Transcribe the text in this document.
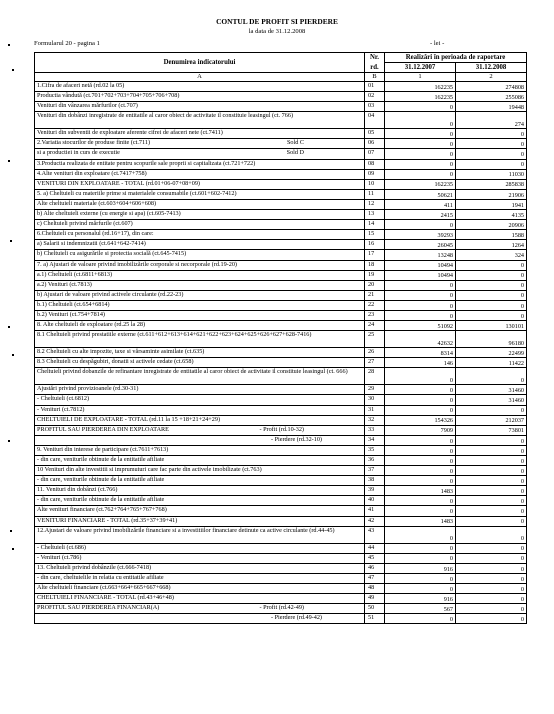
CONTUL DE PROFIT SI PIERDERE
la data de 31.12.2008
Formularul 20 - pagina 1	- lei -
Denumirea indicatorului	Nr.	Realizări în perioada de raportare	
	rd.	31.12.2007	31.12.2008
A	B	1	2
1.Cifra de afaceri netă (rd.02 la 05)	01	162235	274808
Productia vândută (ct.701+702+703+704+705+706+708)	02	162235	255086
Venituri din vânzarea mărfurilor (ct.707)	03	0	19448
Venituri din dobânzi inregistrate de entitatile al caror obiect de activitate il constituie leasingul (ct. 766)	04	0	274
Venituri din subventii de exploatare aferente cifrei de afaceri nete (ct.7411)	05	0	0
2.Variatia stocurilor de produse finite (ct.711) Sold C	06	0	0
si a productiei in curs de executie Sold D	07	0	0
3.Productia realizata de entitate pentru scopurile sale proprii si capitalizata (ct.721+722)	08	0	0
4.Alte venituri din exploatare (ct.7417+758)	09	0	11030
VENITURI DIN EXPLOATARE - TOTAL (rd.01+06-07+08+09)	10	162235	285838
5. a) Cheltuieli cu materiile prime si materialele consumabile (ct.601+602-7412)	11	50621	21906
Alte cheltuieli materiale (ct.603+604+606+608)	12	411	1941
b) Alte cheltuieli externe (cu energie si apa) (ct.605-7413)	13	2415	4135
c) Cheltuieli privind mărfurile (ct.607)	14	0	20906
6.Cheltuieli cu personalul (rd.16+17), din care:	15	39293	1588
a) Salarii si indemnizatii (ct.641+642-7414)	16	26045	1264
b) Cheltuieli cu asigurările si protectia socială (ct.645-7415)	17	13248	324
7. a) Ajustari de valoare privind imobilizările corporale si necorporale (rd.19-20)	18	10494	0
a.1) Cheltuieli (ct.6811+6813)	19	10494	0
a.2) Venituri (ct.7813)	20	0	0
b) Ajustari de valoare privind activele circulante (rd.22-23)	21	0	0
b.1) Cheltuieli (ct.654+6814)	22	0	0
b.2) Venituri (ct.754+7814)	23	0	0
8. Alte cheltuieli de exploatare (rd.25 la 28)	24	51092	130101
8.1 Cheltuieli privind prestatiile externe (ct.611+612+613+614+621+622+623+624+625+626+627+628-7416)	25	42632	96180
8.2 Cheltuieli cu alte impozite, taxe si vărsaminte asimilate (ct.635)	26	8314	22499
8.3 Cheltuieli cu despăgubiri, donatii si activele cedate (ct.658)	27	146	11422
Cheltuieli privind dobanzile de refinantare inregistrate de entitatile al caror obiect de activitate il constituie leasingul (ct. 666)	28	0	0
Ajustări privind provizioanele (rd.30-31)	29	0	31460
- Cheltuieli (ct.6812)	30	0	31460
- Venituri (ct.7812)	31	0	0
CHELTUIELI DE EXPLOATARE - TOTAL (rd.11 la 15 +18+21+24+29)	32	154326	212037
PROFITUL SAU PIERDEREA DIN EXPLOATARE - Profit (rd.10-32)	33	7909	73801

- Pierdere (rd.32-10)	34	0	0
9. Venituri din interese de participare (ct.7611+7613)	35	0	0
- din care, veniturile obtinute de la entitatile afiliate	36	0	0
10 Venituri din alte investitii si imprumuturi care fac parte din activele imobilizate (ct.763)	37	0	0
- din care, veniturile obtinute de la entitatile afiliate	38	0	0
11. Venituri din dobânzi (ct.766)	39	1483	0
- din care, veniturile obtinute de la entitatile afiliate	40	0	0
Alte venituri financiare (ct.762+764+765+767+768)	41	0	0
VENITURI FINANCIARE - TOTAL (rd.35+37+39+41)	42	1483	0
12.Ajustari de valoare privind imobilizările financiare si a investitiilor financiare detinute ca active circulante (rd.44-45)	43	0	0
- Cheltuieli (ct.686)	44	0	0
- Venituri (ct.786)	45	0	0
13. Cheltuieli privind dobânzile (ct.666-7418)	46	916	0
- din care, cheltuielile in relatia cu entitatile afiliate	47	0	0
Alte cheltuieli financiare (ct.663+664+665+667+668)	48	0	0
CHELTUIELI FINANCIARE - TOTAL (rd.43+46+48)	49	916	0
PROFITUL SAU PIERDEREA FINANCIAR(A) - Profit (rd.42-49)	50	567	0

- Pierdere (rd.49-42)	51	0	0
